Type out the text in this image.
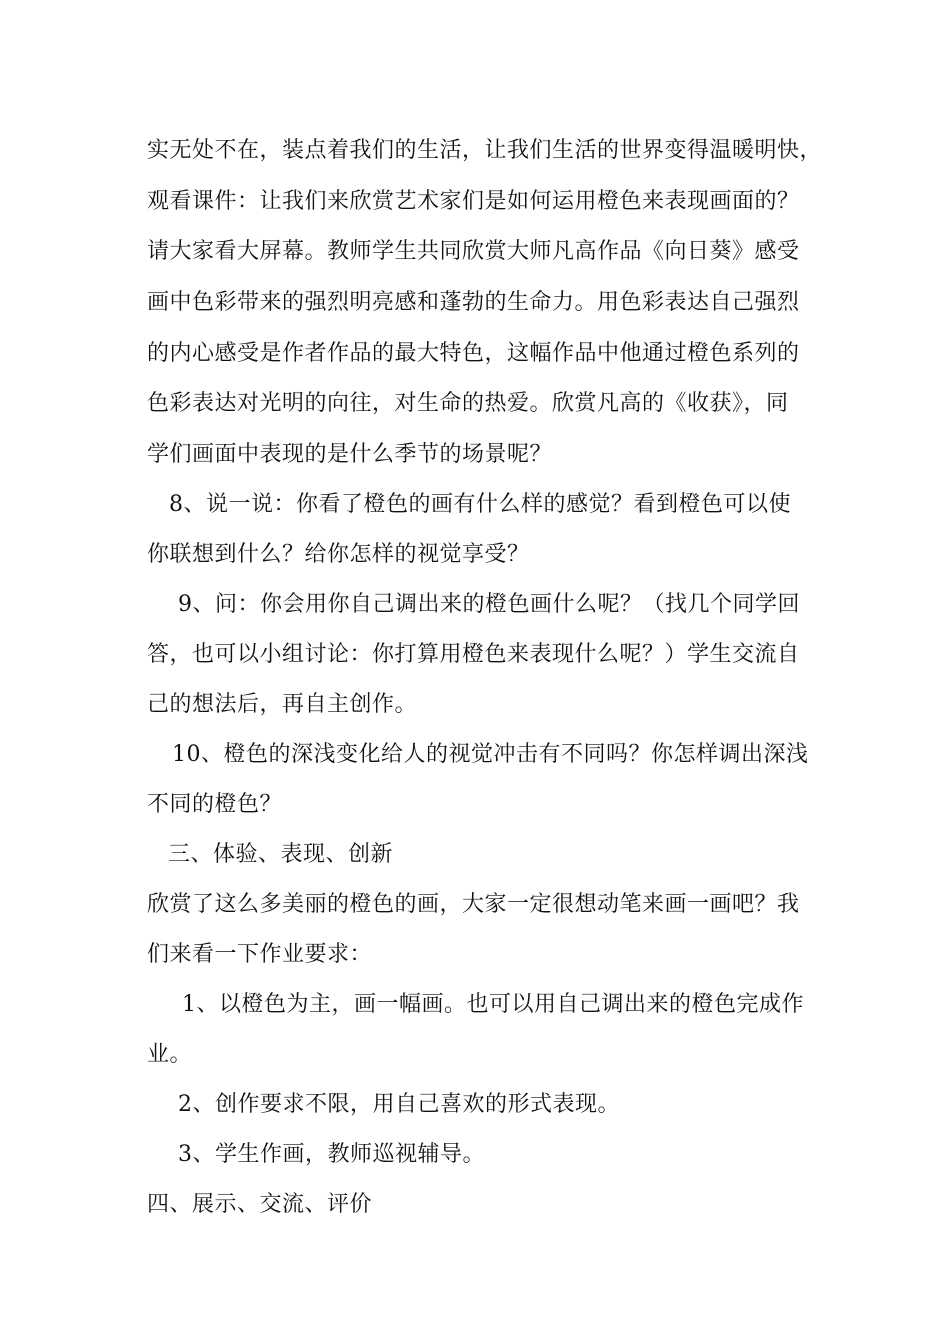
实无处不在，装点着我们的生活，让我们生活的世界变得温暖明快，
观看课件：让我们来欣赏艺术家们是如何运用橙色来表现画面的？
请大家看大屏幕。教师学生共同欣赏大师凡高作品《向日葵》感受
画中色彩带来的强烈明亮感和蓬勃的生命力。用色彩表达自己强烈
的内心感受是作者作品的最大特色，这幅作品中他通过橙色系列的
色彩表达对光明的向往，对生命的热爱。欣赏凡高的《收获》，同
学们画面中表现的是什么季节的场景呢？
8、说一说：你看了橙色的画有什么样的感觉？看到橙色可以使
你联想到什么？给你怎样的视觉享受？
9、问：你会用你自己调出来的橙色画什么呢？（找几个同学回
答，也可以小组讨论：你打算用橙色来表现什么呢？）学生交流自
己的想法后，再自主创作。
10、橙色的深浅变化给人的视觉冲击有不同吗？你怎样调出深浅
不同的橙色？
三、体验、表现、创新
欣赏了这么多美丽的橙色的画，大家一定很想动笔来画一画吧？我
们来看一下作业要求：
1、以橙色为主，画一幅画。也可以用自己调出来的橙色完成作
业。
2、创作要求不限，用自己喜欢的形式表现。
3、学生作画，教师巡视辅导。
四、展示、交流、评价
